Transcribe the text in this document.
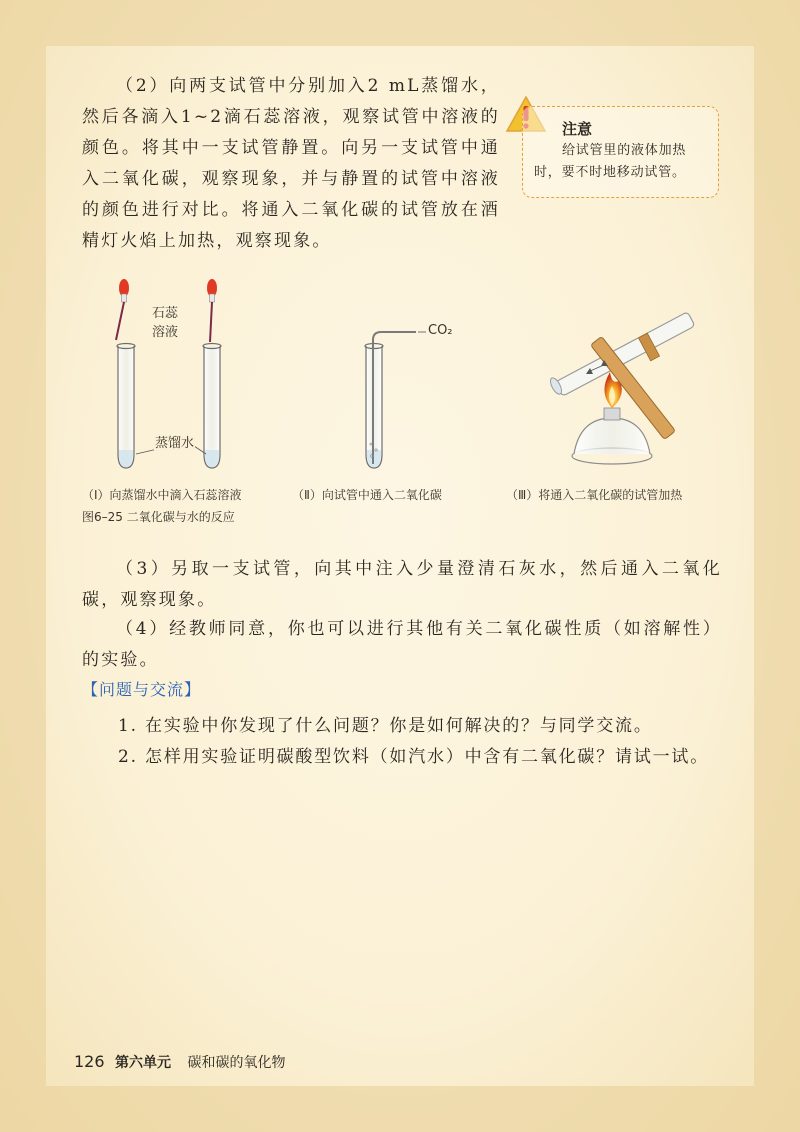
（2）向两支试管中分别加入2 mL蒸馏水，然后各滴入1~2滴石蕊溶液，观察试管中溶液的颜色。将其中一支试管静置。向另一支试管中通入二氧化碳，观察现象，并与静置的试管中溶液的颜色进行对比。将通入二氧化碳的试管放在酒精灯火焰上加热，观察现象。

注意

给试管里的液体加热时，要不时地移动试管。

石蕊
溶液
蒸馏水
CO₂
（Ⅰ）向蒸馏水中滴入石蕊溶液	（Ⅱ）向试管中通入二氧化碳	（Ⅲ）将通入二氧化碳的试管加热
图6–25 二氧化碳与水的反应

（3）另取一支试管，向其中注入少量澄清石灰水，然后通入二氧化碳，观察现象。

（4）经教师同意，你也可以进行其他有关二氧化碳性质（如溶解性）的实验。

【问题与交流】

1. 在实验中你发现了什么问题？你是如何解决的？与同学交流。

2. 怎样用实验证明碳酸型饮料（如汽水）中含有二氧化碳？请试一试。

126 第六单元 碳和碳的氧化物
